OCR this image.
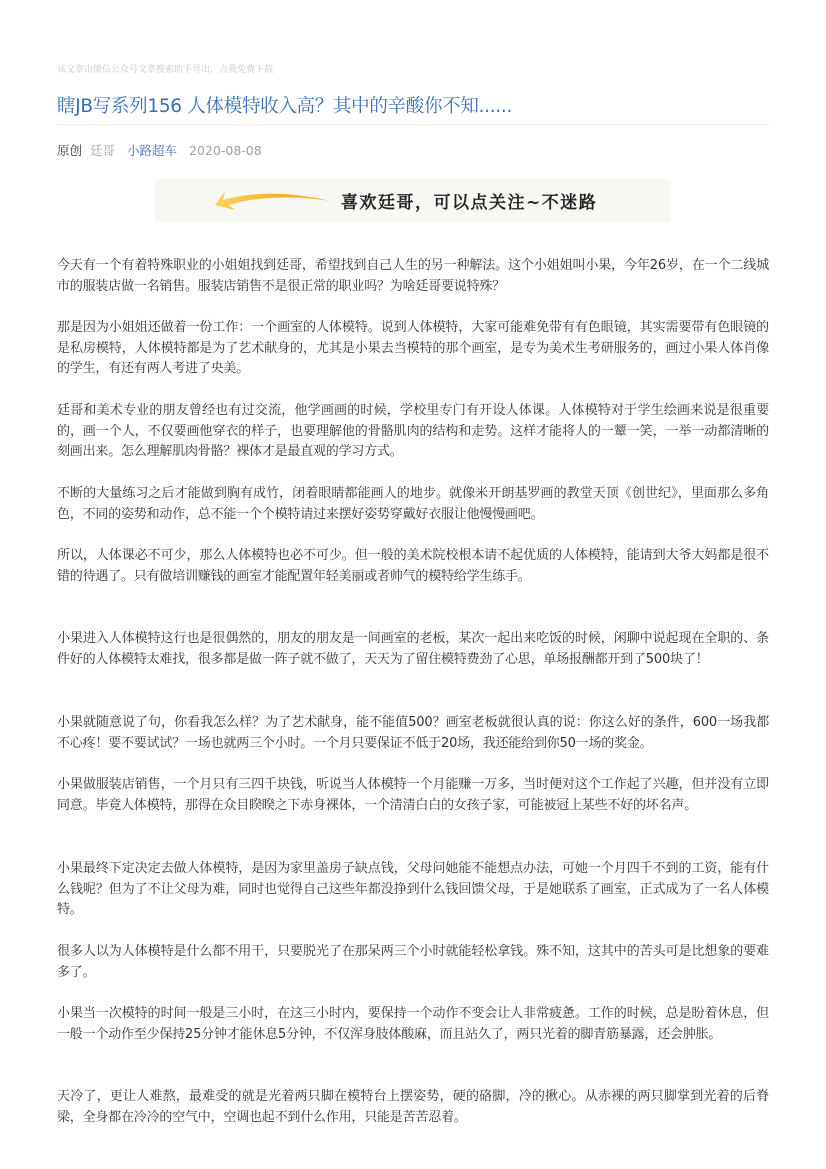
该文章由微信公众号文章搜索助手导出，点我免费下载
瞎JB写系列156 人体模特收入高？其中的辛酸你不知......
原创 廷哥 小路超车 2020-08-08
喜欢廷哥，可以点关注~不迷路

今天有一个有着特殊职业的小姐姐找到廷哥，希望找到自己人生的另一种解法。这个小姐姐叫小果，今年26岁，在一个二线城市的服装店做一名销售。服装店销售不是很正常的职业吗？为啥廷哥要说特殊？

那是因为小姐姐还做着一份工作：一个画室的人体模特。说到人体模特，大家可能难免带有有色眼镜，其实需要带有色眼镜的是私房模特，人体模特都是为了艺术献身的，尤其是小果去当模特的那个画室，是专为美术生考研服务的，画过小果人体肖像的学生，有还有两人考进了央美。

廷哥和美术专业的朋友曾经也有过交流，他学画画的时候，学校里专门有开设人体课。人体模特对于学生绘画来说是很重要的，画一个人，不仅要画他穿衣的样子，也要理解他的骨骼肌肉的结构和走势。这样才能将人的一颦一笑，一举一动都清晰的刻画出来。怎么理解肌肉骨骼？裸体才是最直观的学习方式。

不断的大量练习之后才能做到胸有成竹，闭着眼睛都能画人的地步。就像米开朗基罗画的教堂天顶《创世纪》，里面那么多角色，不同的姿势和动作，总不能一个个模特请过来摆好姿势穿戴好衣服让他慢慢画吧。

所以，人体课必不可少，那么人体模特也必不可少。但一般的美术院校根本请不起优质的人体模特，能请到大爷大妈都是很不错的待遇了。只有做培训赚钱的画室才能配置年轻美丽或者帅气的模特给学生练手。

小果进入人体模特这行也是很偶然的，朋友的朋友是一间画室的老板，某次一起出来吃饭的时候，闲聊中说起现在全职的、条件好的人体模特太难找，很多都是做一阵子就不做了，天天为了留住模特费劲了心思，单场报酬都开到了500块了！

小果就随意说了句，你看我怎么样？为了艺术献身，能不能值500？画室老板就很认真的说：你这么好的条件，600一场我都不心疼！要不要试试？一场也就两三个小时。一个月只要保证不低于20场，我还能给到你50一场的奖金。

小果做服装店销售，一个月只有三四千块钱，听说当人体模特一个月能赚一万多，当时便对这个工作起了兴趣，但并没有立即同意。毕竟人体模特，那得在众目睽睽之下赤身裸体，一个清清白白的女孩子家，可能被冠上某些不好的坏名声。

小果最终下定决定去做人体模特，是因为家里盖房子缺点钱，父母问她能不能想点办法，可她一个月四千不到的工资，能有什么钱呢？但为了不让父母为难，同时也觉得自己这些年都没挣到什么钱回馈父母，于是她联系了画室，正式成为了一名人体模特。

很多人以为人体模特是什么都不用干，只要脱光了在那呆两三个小时就能轻松拿钱。殊不知，这其中的苦头可是比想象的要难多了。

小果当一次模特的时间一般是三小时，在这三小时内，要保持一个动作不变会让人非常疲惫。工作的时候，总是盼着休息，但一般一个动作至少保持25分钟才能休息5分钟，不仅浑身肢体酸麻，而且站久了，两只光着的脚青筋暴露，还会肿胀。

天冷了，更让人难熬，最难受的就是光着两只脚在模特台上摆姿势，硬的硌脚，冷的揪心。从赤裸的两只脚掌到光着的后脊梁，全身都在冷冷的空气中，空调也起不到什么作用，只能是苦苦忍着。
